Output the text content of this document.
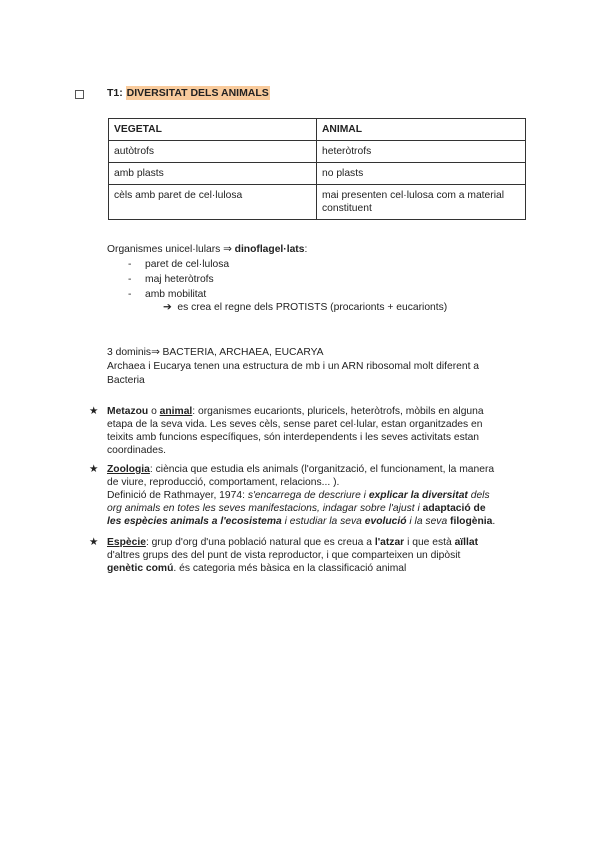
T1: DIVERSITAT DELS ANIMALS
VEGETAL	ANIMAL
autòtrofs	heteròtrofs
amb plasts	no plasts
cèls amb paret de cel·lulosa	mai presenten cel·lulosa com a material constituent
Organismes unicel·lulars ⇒ dinoflagel·lats:
- paret de cel·lulosa
- maj heteròtrofs
- amb mobilitat
➔ es crea el regne dels PROTISTS (procarionts + eucarionts)
3 dominis⇒ BACTERIA, ARCHAEA, EUCARYA
Archaea i Eucarya tenen una estructura de mb i un ARN ribosomal molt diferent a
Bacteria
★ Metazou o animal: organismes eucarionts, pluricels, heteròtrofs, mòbils en alguna
etapa de la seva vida. Les seves cèls, sense paret cel·lular, estan organitzades en
teixits amb funcions específiques, són interdependents i les seves activitats estan
coordinades.
★ Zoologia: ciència que estudia els animals (l'organització, el funcionament, la manera
de viure, reproducció, comportament, relacions... ).
Definició de Rathmayer, 1974: s'encarrega de descriure i explicar la diversitat dels
org animals en totes les seves manifestacions, indagar sobre l'ajust i adaptació de
les espècies animals a l'ecosistema i estudiar la seva evolució i la seva filogènia.
★ Espècie: grup d'org d'una població natural que es creua a l'atzar i que està aïllat
d'altres grups des del punt de vista reproductor, i que comparteixen un dipòsit
genètic comú. és categoria més bàsica en la classificació animal
